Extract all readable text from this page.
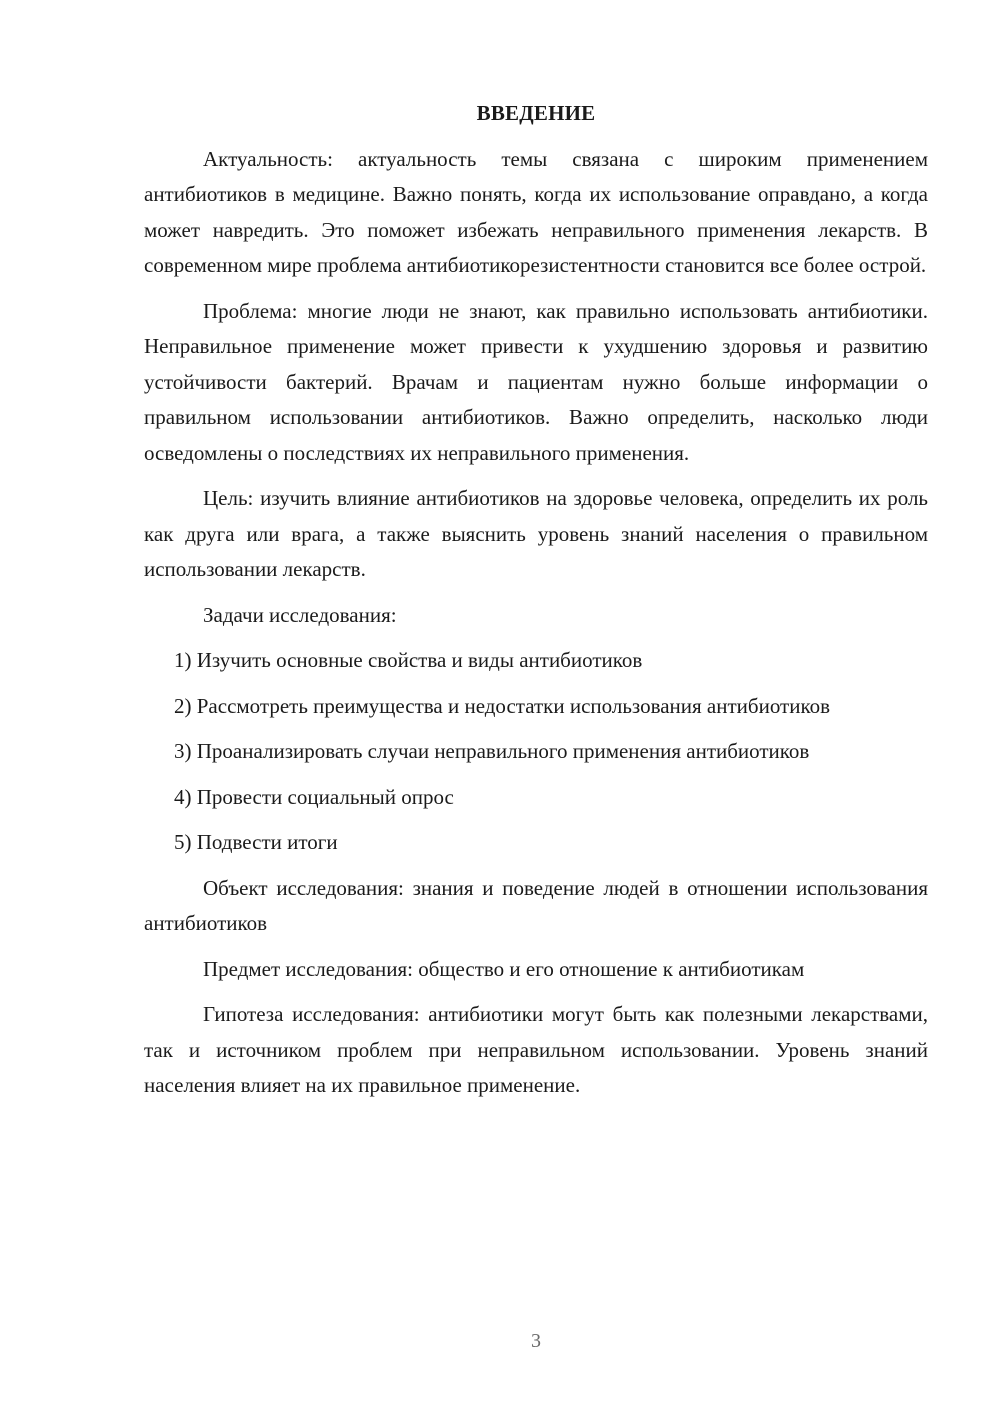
ВВЕДЕНИЕ

Актуальность: актуальность темы связана с широким применением антибиотиков в медицине. Важно понять, когда их использование оправдано, а когда может навредить. Это поможет избежать неправильного применения лекарств. В современном мире проблема антибиотикорезистентности становится все более острой.

Проблема: многие люди не знают, как правильно использовать антибиотики. Неправильное применение может привести к ухудшению здоровья и развитию устойчивости бактерий. Врачам и пациентам нужно больше информации о правильном использовании антибиотиков. Важно определить, насколько люди осведомлены о последствиях их неправильного применения.

Цель: изучить влияние антибиотиков на здоровье человека, определить их роль как друга или врага, а также выяснить уровень знаний населения о правильном использовании лекарств.

Задачи исследования:

1) Изучить основные свойства и виды антибиотиков

2) Рассмотреть преимущества и недостатки использования антибиотиков

3) Проанализировать случаи неправильного применения антибиотиков

4) Провести социальный опрос

5) Подвести итоги

Объект исследования: знания и поведение людей в отношении использования антибиотиков

Предмет исследования: общество и его отношение к антибиотикам

Гипотеза исследования: антибиотики могут быть как полезными лекарствами, так и источником проблем при неправильном использовании. Уровень знаний населения влияет на их правильное применение.

3
